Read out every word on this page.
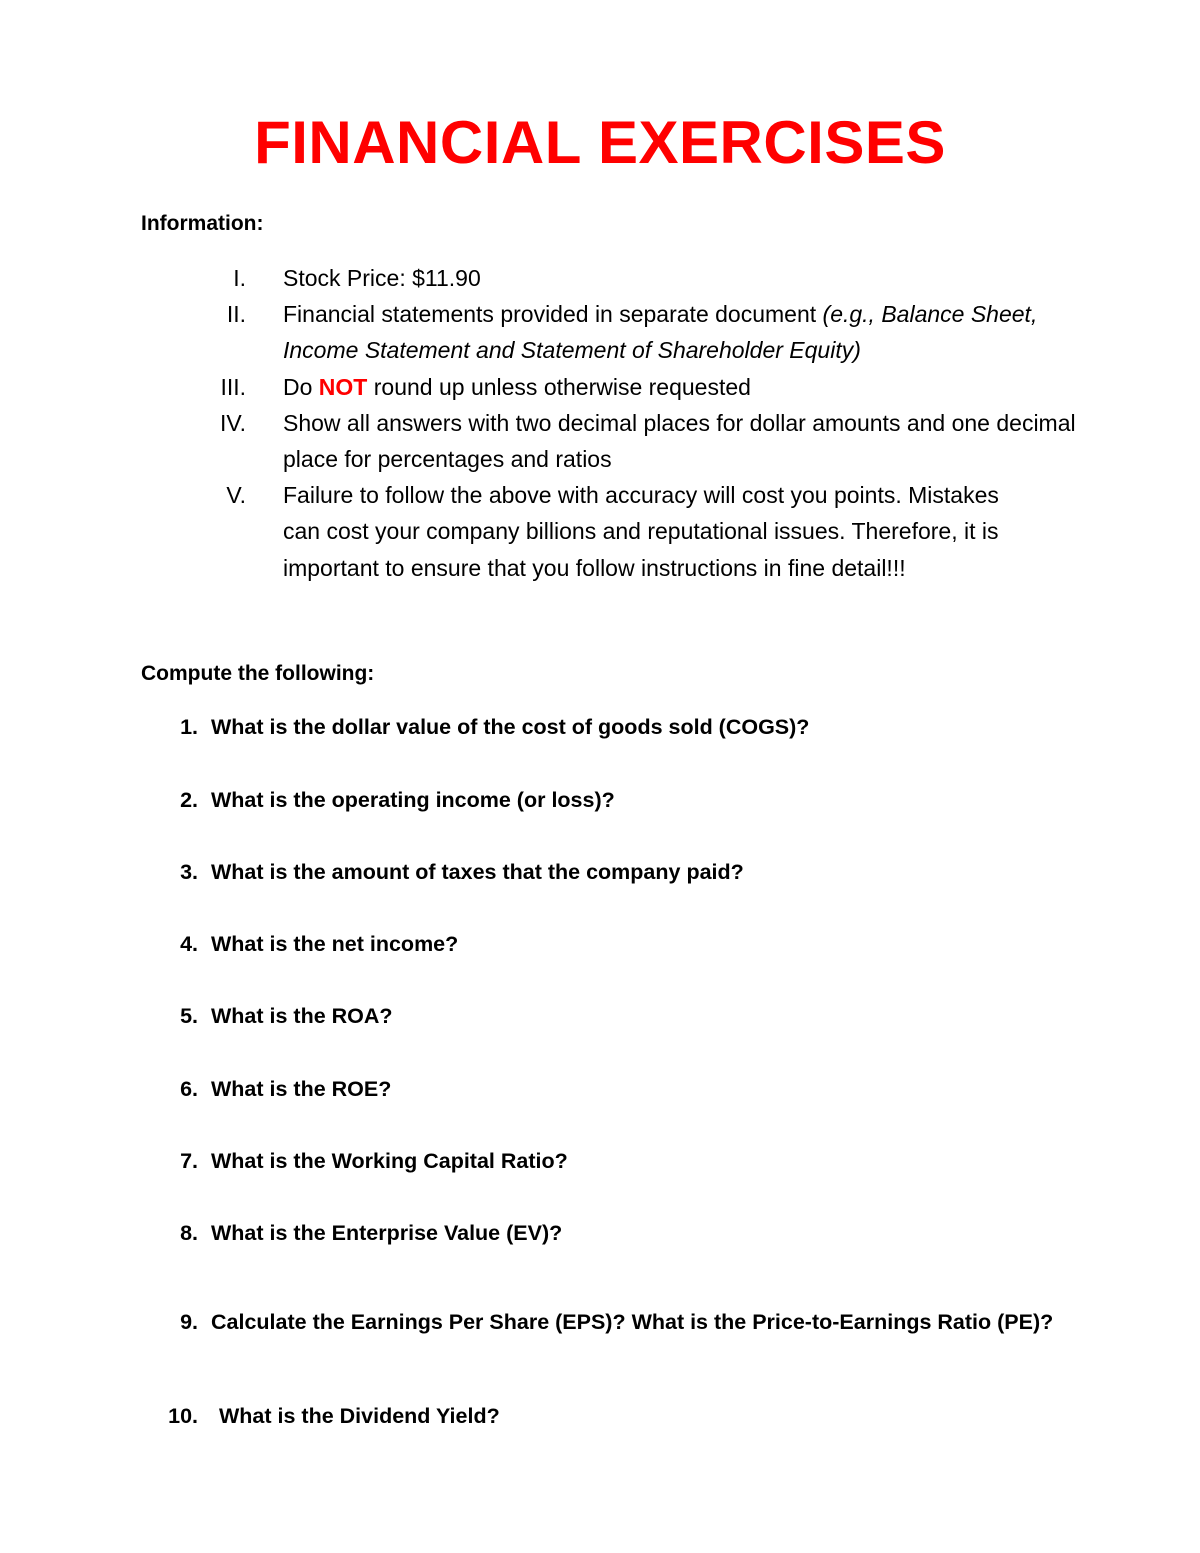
FINANCIAL EXERCISES
Information:
I. Stock Price: $11.90
II. Financial statements provided in separate document (e.g., Balance Sheet, Income Statement and Statement of Shareholder Equity)
III. Do NOT round up unless otherwise requested
IV. Show all answers with two decimal places for dollar amounts and one decimal place for percentages and ratios
V. Failure to follow the above with accuracy will cost you points. Mistakes can cost your company billions and reputational issues. Therefore, it is important to ensure that you follow instructions in fine detail!!!
Compute the following:
1. What is the dollar value of the cost of goods sold (COGS)?
2. What is the operating income (or loss)?
3. What is the amount of taxes that the company paid?
4. What is the net income?
5. What is the ROA?
6. What is the ROE?
7. What is the Working Capital Ratio?
8. What is the Enterprise Value (EV)?
9. Calculate the Earnings Per Share (EPS)? What is the Price-to-Earnings Ratio (PE)?
10. What is the Dividend Yield?
